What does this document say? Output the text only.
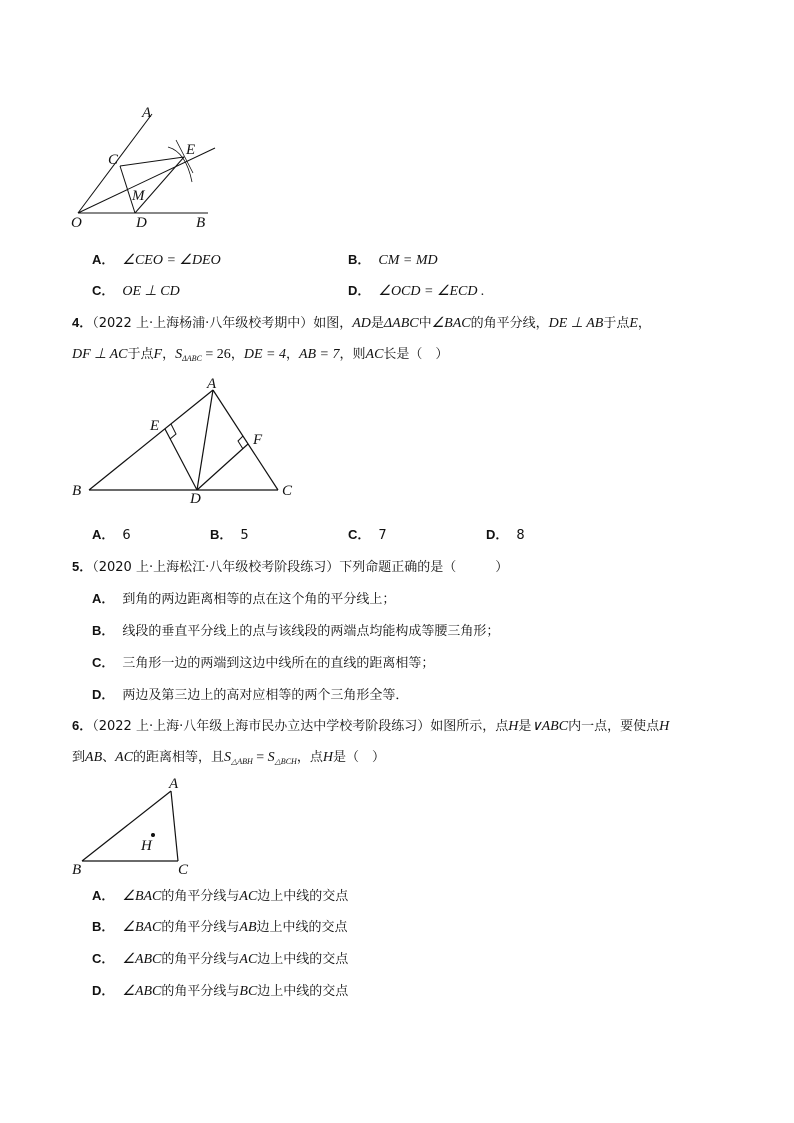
A
C
E
M
O	D	B
A． ∠CEO = ∠DEO	B． CM = MD
C． OE ⊥ CD	D． ∠OCD = ∠ECD .
4．（2022 上·上海杨浦·八年级校考期中）如图，AD是ΔABC中∠BAC的角平分线，DE ⊥ AB于点E，
DF ⊥ AC于点F，$S_{\Delta ABC} = 26$，DE = 4，AB = 7，则AC长是（　）
A
E
F
B	D	C
A． 6	B． 5	C． 7	D． 8
5．（2020 上·上海松江·八年级校考阶段练习）下列命题正确的是（　　　）
A． 到角的两边距离相等的点在这个角的平分线上；
B． 线段的垂直平分线上的点与该线段的两端点均能构成等腰三角形；
C． 三角形一边的两端到这边中线所在的直线的距离相等；
D． 两边及第三边上的高对应相等的两个三角形全等．
6．（2022 上·上海·八年级上海市民办立达中学校考阶段练习）如图所示，点H是∨ABC内一点，要使点H
到AB、AC的距离相等，且$S_{\triangle ABH} = S_{\triangle BCH}$，点H是（　）
A
H
B	C
A． ∠BAC的角平分线与AC边上中线的交点
B． ∠BAC的角平分线与AB边上中线的交点
C． ∠ABC的角平分线与AC边上中线的交点
D． ∠ABC的角平分线与BC边上中线的交点
